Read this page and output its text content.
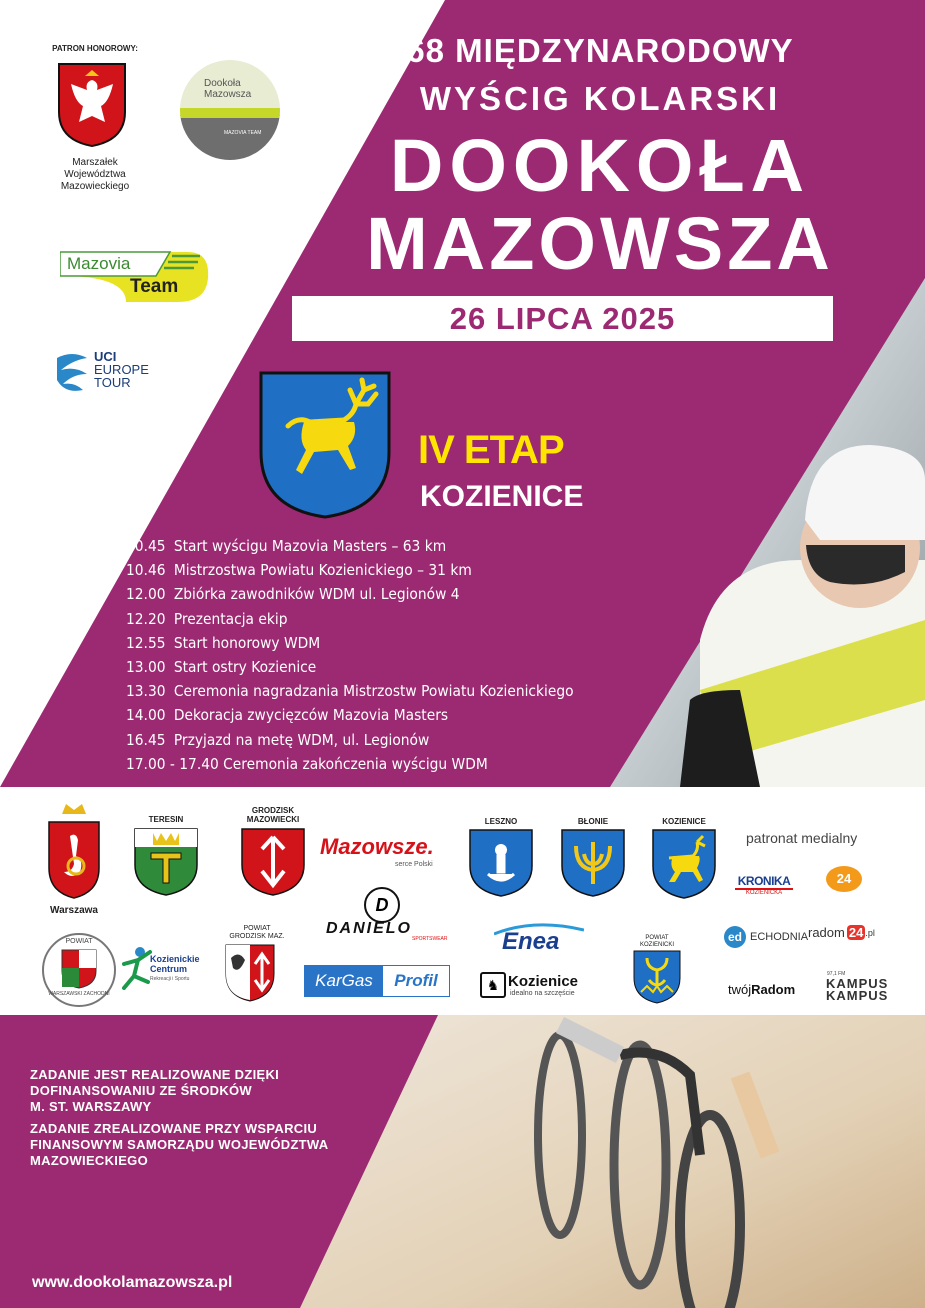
PATRON HONOROWY:
Marszałek
Województwa
Mazowieckiego
Dookoła
Mazowsza
MAZOVIA TEAM
Mazovia
Team
UCI
EUROPE
TOUR
68 MIĘDZYNARODOWY
WYŚCIG KOLARSKI
DOOKOŁA
MAZOWSZA
26 LIPCA 2025
IV ETAP
KOZIENICE
10.45 Start wyścigu Mazovia Masters – 63 km
10.46 Mistrzostwa Powiatu Kozienickiego – 31 km
12.00 Zbiórka zawodników WDM ul. Legionów 4
12.20 Prezentacja ekip
12.55 Start honorowy WDM
13.00 Start ostry Kozienice
13.30 Ceremonia nagradzania Mistrzostw Powiatu Kozienickiego
14.00 Dekoracja zwycięzców Mazovia Masters
16.45 Przyjazd na metę WDM, ul. Legionów
17.00 - 17.40 Ceremonia zakończenia wyścigu WDM
Warszawa
TERESIN
GRODZISK
MAZOWIECKI
Mazowsze.
serce Polski
LESZNO	BŁONIE	KOZIENICE
patronat medialny
KRONIKA
KOZIENICKA
24
POWIAT
WARSZAWSKI ZACHODNI
Kozienickie
Centrum
Rekreacji i Sportu
POWIAT
GRODZISK MAZ.
D
DANIELO
SPORTSWEAR
KarGas	Profil
Enea
♞ Kozienice
idealno na szczęście
POWIAT
KOZIENICKI
ed ECHODNIA radom 24 .pl
twójRadom
97,1 FM
KAMPUS
KAMPUS

ZADANIE JEST REALIZOWANE DZIĘKI
DOFINANSOWANIU ZE ŚRODKÓW
M. ST. WARSZAWY

ZADANIE ZREALIZOWANE PRZY WSPARCIU
FINANSOWYM SAMORZĄDU WOJEWÓDZTWA
MAZOWIECKIEGO

www.dookolamazowsza.pl
